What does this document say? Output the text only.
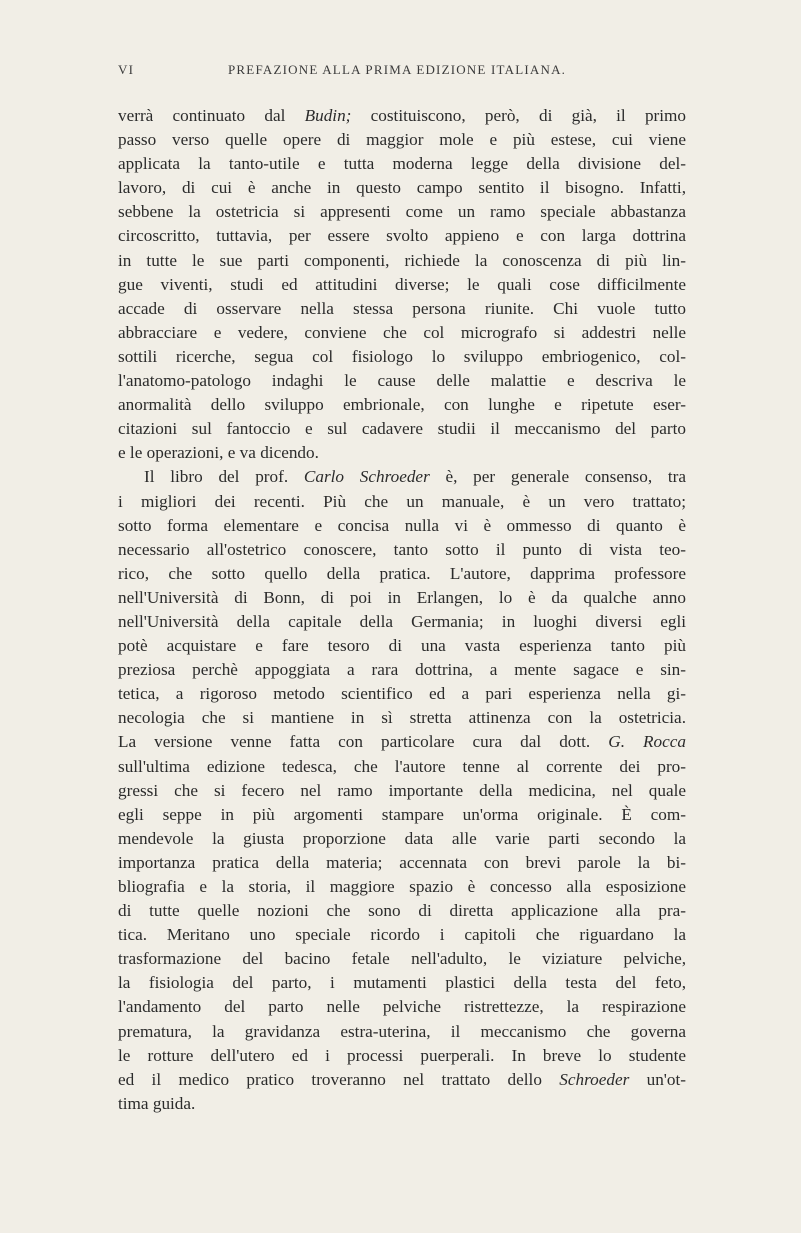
VI	PREFAZIONE ALLA PRIMA EDIZIONE ITALIANA.
verrà continuato dal Budin; costituiscono, però, di già, il primo
passo verso quelle opere di maggior mole e più estese, cui viene
applicata la tanto-utile e tutta moderna legge della divisione del-
lavoro, di cui è anche in questo campo sentito il bisogno. Infatti,
sebbene la ostetricia si appresenti come un ramo speciale abbastanza
circoscritto, tuttavia, per essere svolto appieno e con larga dottrina
in tutte le sue parti componenti, richiede la conoscenza di più lin-
gue viventi, studi ed attitudini diverse; le quali cose difficilmente
accade di osservare nella stessa persona riunite. Chi vuole tutto
abbracciare e vedere, conviene che col micrografo si addestri nelle
sottili ricerche, segua col fisiologo lo sviluppo embriogenico, col-
l'anatomo-patologo indaghi le cause delle malattie e descriva le
anormalità dello sviluppo embrionale, con lunghe e ripetute eser-
citazioni sul fantoccio e sul cadavere studii il meccanismo del parto
e le operazioni, e va dicendo.
Il libro del prof. Carlo Schroeder è, per generale consenso, tra
i migliori dei recenti. Più che un manuale, è un vero trattato;
sotto forma elementare e concisa nulla vi è ommesso di quanto è
necessario all'ostetrico conoscere, tanto sotto il punto di vista teo-
rico, che sotto quello della pratica. L'autore, dapprima professore
nell'Università di Bonn, di poi in Erlangen, lo è da qualche anno
nell'Università della capitale della Germania; in luoghi diversi egli
potè acquistare e fare tesoro di una vasta esperienza tanto più
preziosa perchè appoggiata a rara dottrina, a mente sagace e sin-
tetica, a rigoroso metodo scientifico ed a pari esperienza nella gi-
necologia che si mantiene in sì stretta attinenza con la ostetricia.
La versione venne fatta con particolare cura dal dott. G. Rocca
sull'ultima edizione tedesca, che l'autore tenne al corrente dei pro-
gressi che si fecero nel ramo importante della medicina, nel quale
egli seppe in più argomenti stampare un'orma originale. È com-
mendevole la giusta proporzione data alle varie parti secondo la
importanza pratica della materia; accennata con brevi parole la bi-
bliografia e la storia, il maggiore spazio è concesso alla esposizione
di tutte quelle nozioni che sono di diretta applicazione alla pra-
tica. Meritano uno speciale ricordo i capitoli che riguardano la
trasformazione del bacino fetale nell'adulto, le viziature pelviche,
la fisiologia del parto, i mutamenti plastici della testa del feto,
l'andamento del parto nelle pelviche ristrettezze, la respirazione
prematura, la gravidanza estra-uterina, il meccanismo che governa
le rotture dell'utero ed i processi puerperali. In breve lo studente
ed il medico pratico troveranno nel trattato dello Schroeder un'ot-
tima guida.
